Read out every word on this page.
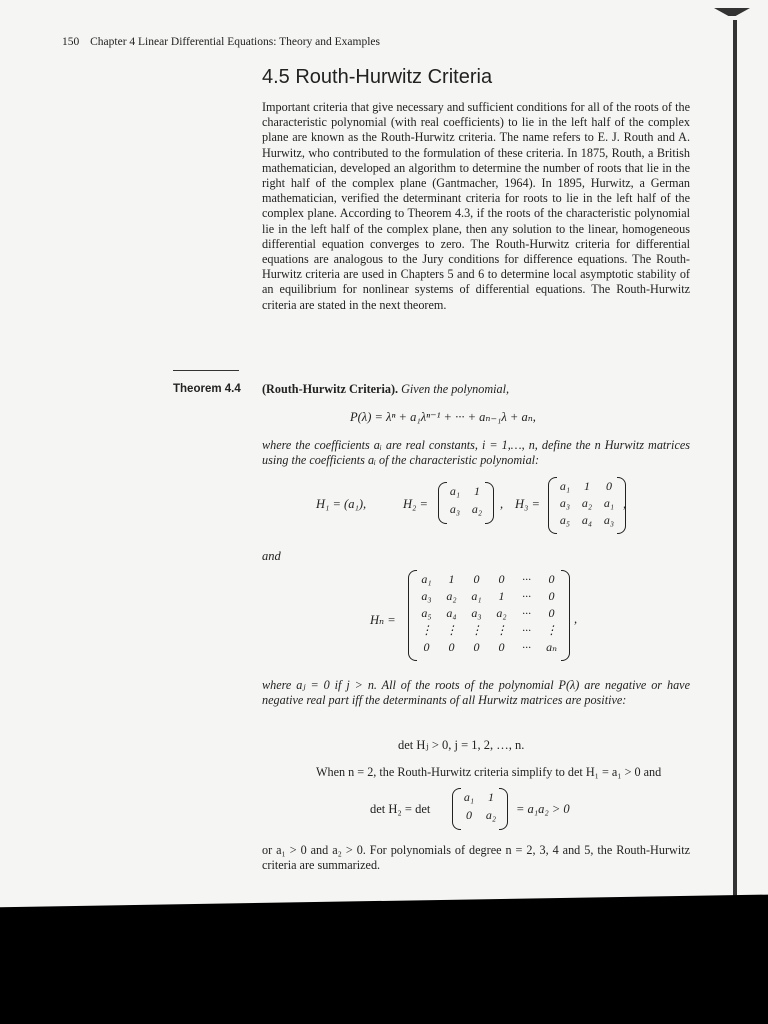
150 Chapter 4 Linear Differential Equations: Theory and Examples
4.5 Routh-Hurwitz Criteria

Important criteria that give necessary and sufficient conditions for all of the roots of the characteristic polynomial (with real coefficients) to lie in the left half of the complex plane are known as the Routh-Hurwitz criteria. The name refers to E. J. Routh and A. Hurwitz, who contributed to the formulation of these criteria. In 1875, Routh, a British mathematician, developed an algorithm to determine the number of roots that lie in the right half of the complex plane (Gantmacher, 1964). In 1895, Hurwitz, a German mathematician, verified the determinant criteria for roots to lie in the left half of the complex plane. According to Theorem 4.3, if the roots of the characteristic polynomial lie in the left half of the complex plane, then any solution to the linear, homogeneous differential equation converges to zero. The Routh-Hurwitz criteria for differential equations are analogous to the Jury conditions for difference equations. The Routh-Hurwitz criteria are used in Chapters 5 and 6 to determine local asymptotic stability of an equilibrium for nonlinear systems of differential equations. The Routh-Hurwitz criteria are stated in the next theorem.

Theorem 4.4 (Routh-Hurwitz Criteria). Given the polynomial,
P(λ) = λⁿ + a₁λⁿ⁻¹ + ··· + aₙ₋₁λ + aₙ,

where the coefficients aᵢ are real constants, i = 1,…, n, define the n Hurwitz matrices using the coefficients aᵢ of the characteristic polynomial:

H₁ = (a₁),	H₂ =
a₁	1
a₃ a₂	, H₃ =
a₁	1	0
a₃ a₂ a₁
a₅ a₄ a₃
,
and
Hₙ =
a₁	1	0	0	···	0
a₃	a₂	a₁	1	···	0
a₅	a₄	a₃	a₂	···	0
⋮	⋮	⋮	⋮	···	⋮
0	0	0	0	···	aₙ
,

where aⱼ = 0 if j > n. All of the roots of the polynomial P(λ) are negative or have negative real part iff the determinants of all Hurwitz matrices are positive:

det Hⱼ > 0, j = 1, 2, …, n.

When n = 2, the Routh-Hurwitz criteria simplify to det H₁ = a₁ > 0 and

det H₂ = det
a₁	1
0	a₂	= a₁a₂ > 0

or a₁ > 0 and a₂ > 0. For polynomials of degree n = 2, 3, 4 and 5, the Routh-Hurwitz criteria are summarized.
